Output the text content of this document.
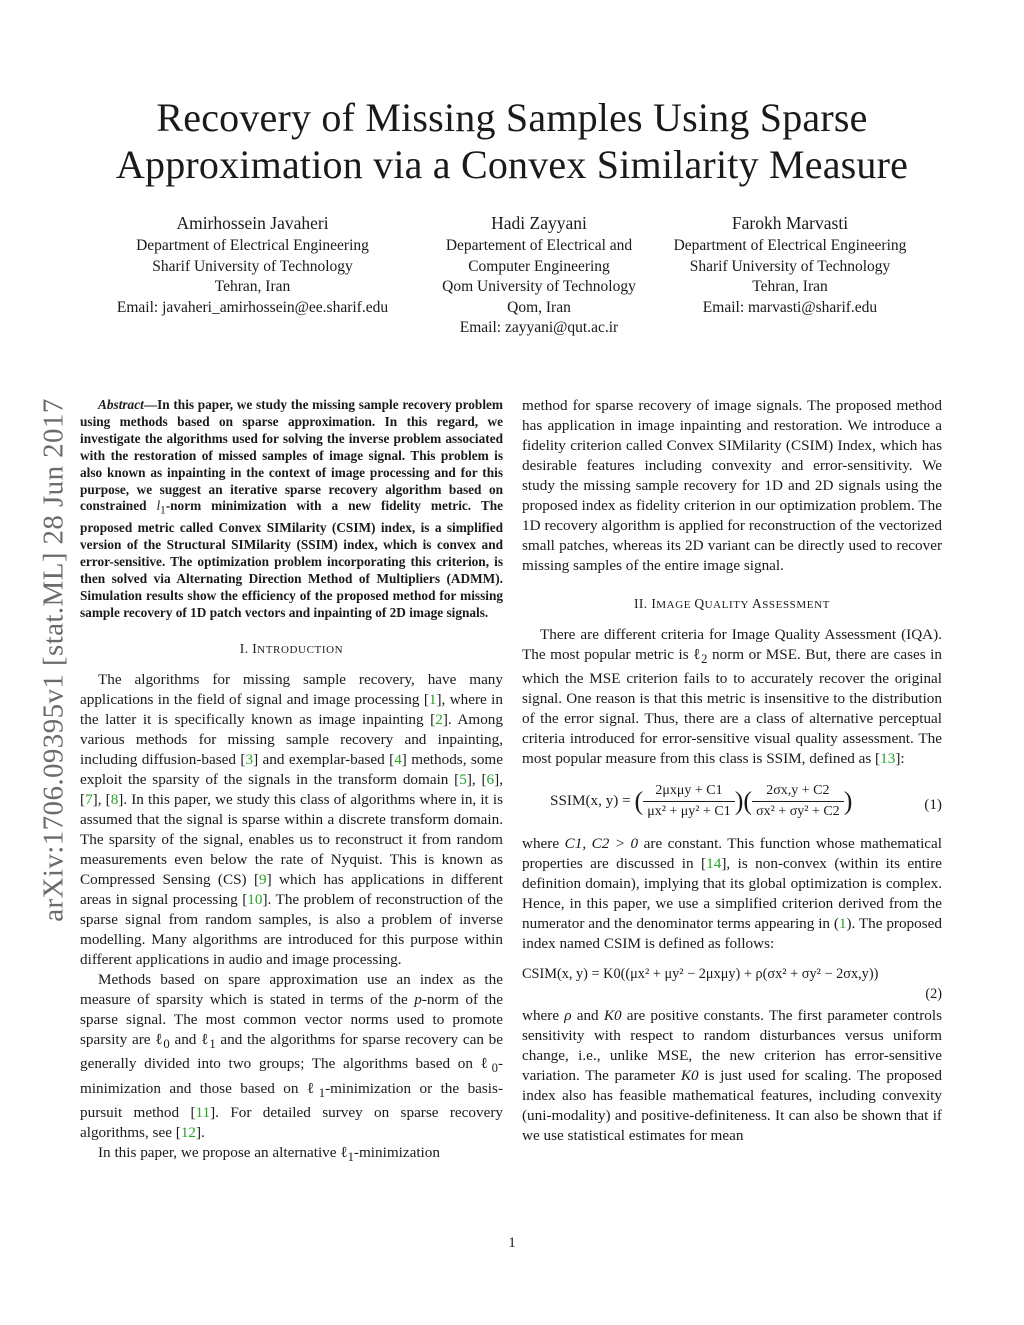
Recovery of Missing Samples Using Sparse
Approximation via a Convex Similarity Measure
Amirhossein Javaheri
Department of Electrical Engineering
Sharif University of Technology
Tehran, Iran
Email: javaheri_amirhossein@ee.sharif.edu
Hadi Zayyani
Departement of Electrical and
Computer Engineering
Qom University of Technology
Qom, Iran
Email: zayyani@qut.ac.ir
Farokh Marvasti
Department of Electrical Engineering
Sharif University of Technology
Tehran, Iran
Email: marvasti@sharif.edu
arXiv:1706.09395v1 [stat.ML] 28 Jun 2017	Abstract—In this paper, we study the missing sample recovery problem using methods based on sparse approximation. In this regard, we investigate the algorithms used for solving the inverse problem associated with the restoration of missed samples of image signal. This problem is also known as inpainting in the context of image processing and for this purpose, we suggest an iterative sparse recovery algorithm based on constrained $l_1$-norm minimization with a new fidelity metric. The proposed metric called Convex SIMilarity (CSIM) index, is a simplified version of the Structural SIMilarity (SSIM) index, which is convex and error-sensitive. The optimization problem incorporating this criterion, is then solved via Alternating Direction Method of Multipliers (ADMM). Simulation results show the efficiency of the proposed method for missing sample recovery of 1D patch vectors and inpainting of 2D image signals.

I. INTRODUCTION

The algorithms for missing sample recovery, have many applications in the field of signal and image processing [1], where in the latter it is specifically known as image inpainting [2]. Among various methods for missing sample recovery and inpainting, including diffusion-based [3] and exemplar-based [4] methods, some exploit the sparsity of the signals in the transform domain [5], [6], [7], [8]. In this paper, we study this class of algorithms where in, it is assumed that the signal is sparse within a discrete transform domain. The sparsity of the signal, enables us to reconstruct it from random measurements even below the rate of Nyquist. This is known as Compressed Sensing (CS) [9] which has applications in different areas in signal processing [10]. The problem of reconstruction of the sparse signal from random samples, is also a problem of inverse modelling. Many algorithms are introduced for this purpose within different applications in audio and image processing.

Methods based on spare approximation use an index as the measure of sparsity which is stated in terms of the p-norm of the sparse signal. The most common vector norms used to promote sparsity are ℓ$_0$ and ℓ$_1$ and the algorithms for sparse recovery can be generally divided into two groups; The algorithms based on ℓ$_0$-minimization and those based on ℓ$_1$-minimization or the basis-pursuit method [11]. For detailed survey on sparse recovery algorithms, see [12].

In this paper, we propose an alternative ℓ$_1$-minimization

method for sparse recovery of image signals. The proposed method has application in image inpainting and restoration. We introduce a fidelity criterion called Convex SIMilarity (CSIM) Index, which has desirable features including convexity and error-sensitivity. We study the missing sample recovery for 1D and 2D signals using the proposed index as fidelity criterion in our optimization problem. The 1D recovery algorithm is applied for reconstruction of the vectorized small patches, whereas its 2D variant can be directly used to recover missing samples of the entire image signal.

II. IMAGE QUALITY ASSESSMENT

There are different criteria for Image Quality Assessment (IQA). The most popular metric is ℓ$_2$ norm or MSE. But, there are cases in which the MSE criterion fails to to accurately recover the original signal. One reason is that this metric is insensitive to the distribution of the error signal. Thus, there are a class of alternative perceptual criteria introduced for error-sensitive visual quality assessment. The most popular measure from this class is SSIM, defined as [13]:

SSIM(x, y) = ( $\frac{\text{2μxμy + C1}}{\text{μx² + μy² + C1}}$ )( $\frac{2\sigma x,y + C2}{\text{σx² + σy² + C2}}$ )	(1)

where C1, C2 > 0 are constant. This function whose mathematical properties are discussed in [14], is non-convex (within its entire definition domain), implying that its global optimization is complex. Hence, in this paper, we use a simplified criterion derived from the numerator and the denominator terms appearing in (1). The proposed index named CSIM is defined as follows:

CSIM(x, y) = K0((μx² + μy² − 2μxμy) + ρ(σx² + σy² − 2σx,y))
(2)

where ρ and K0 are positive constants. The first parameter controls sensitivity with respect to random disturbances versus uniform change, i.e., unlike MSE, the new criterion has error-sensitive variation. The parameter K0 is just used for scaling. The proposed index also has feasible mathematical features, including convexity (uni-modality) and positive-definiteness. It can also be shown that if we use statistical estimates for mean

1
